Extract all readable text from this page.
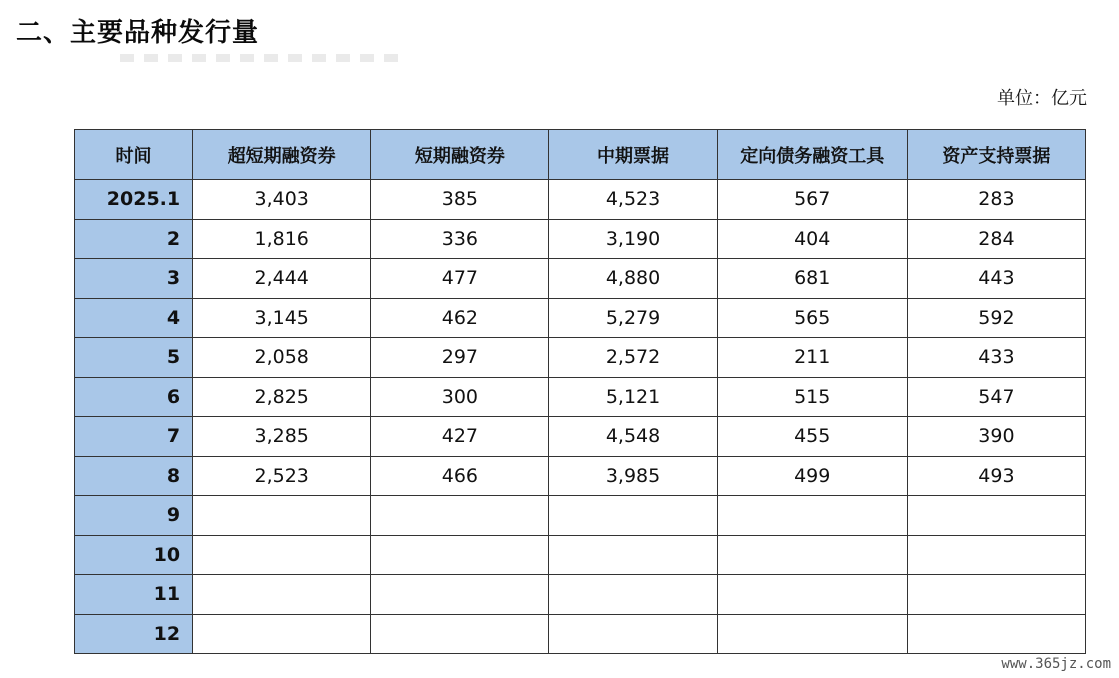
二、主要品种发行量
单位：亿元
时间	超短期融资券	短期融资券	中期票据	定向债务融资工具	资产支持票据
2025.1	3,403	385	4,523	567	283
2	1,816	336	3,190	404	284
3	2,444	477	4,880	681	443
4	3,145	462	5,279	565	592
5	2,058	297	2,572	211	433
6	2,825	300	5,121	515	547
7	3,285	427	4,548	455	390
8	2,523	466	3,985	499	493
9					
10					
11					
12					
www.365jz.com
